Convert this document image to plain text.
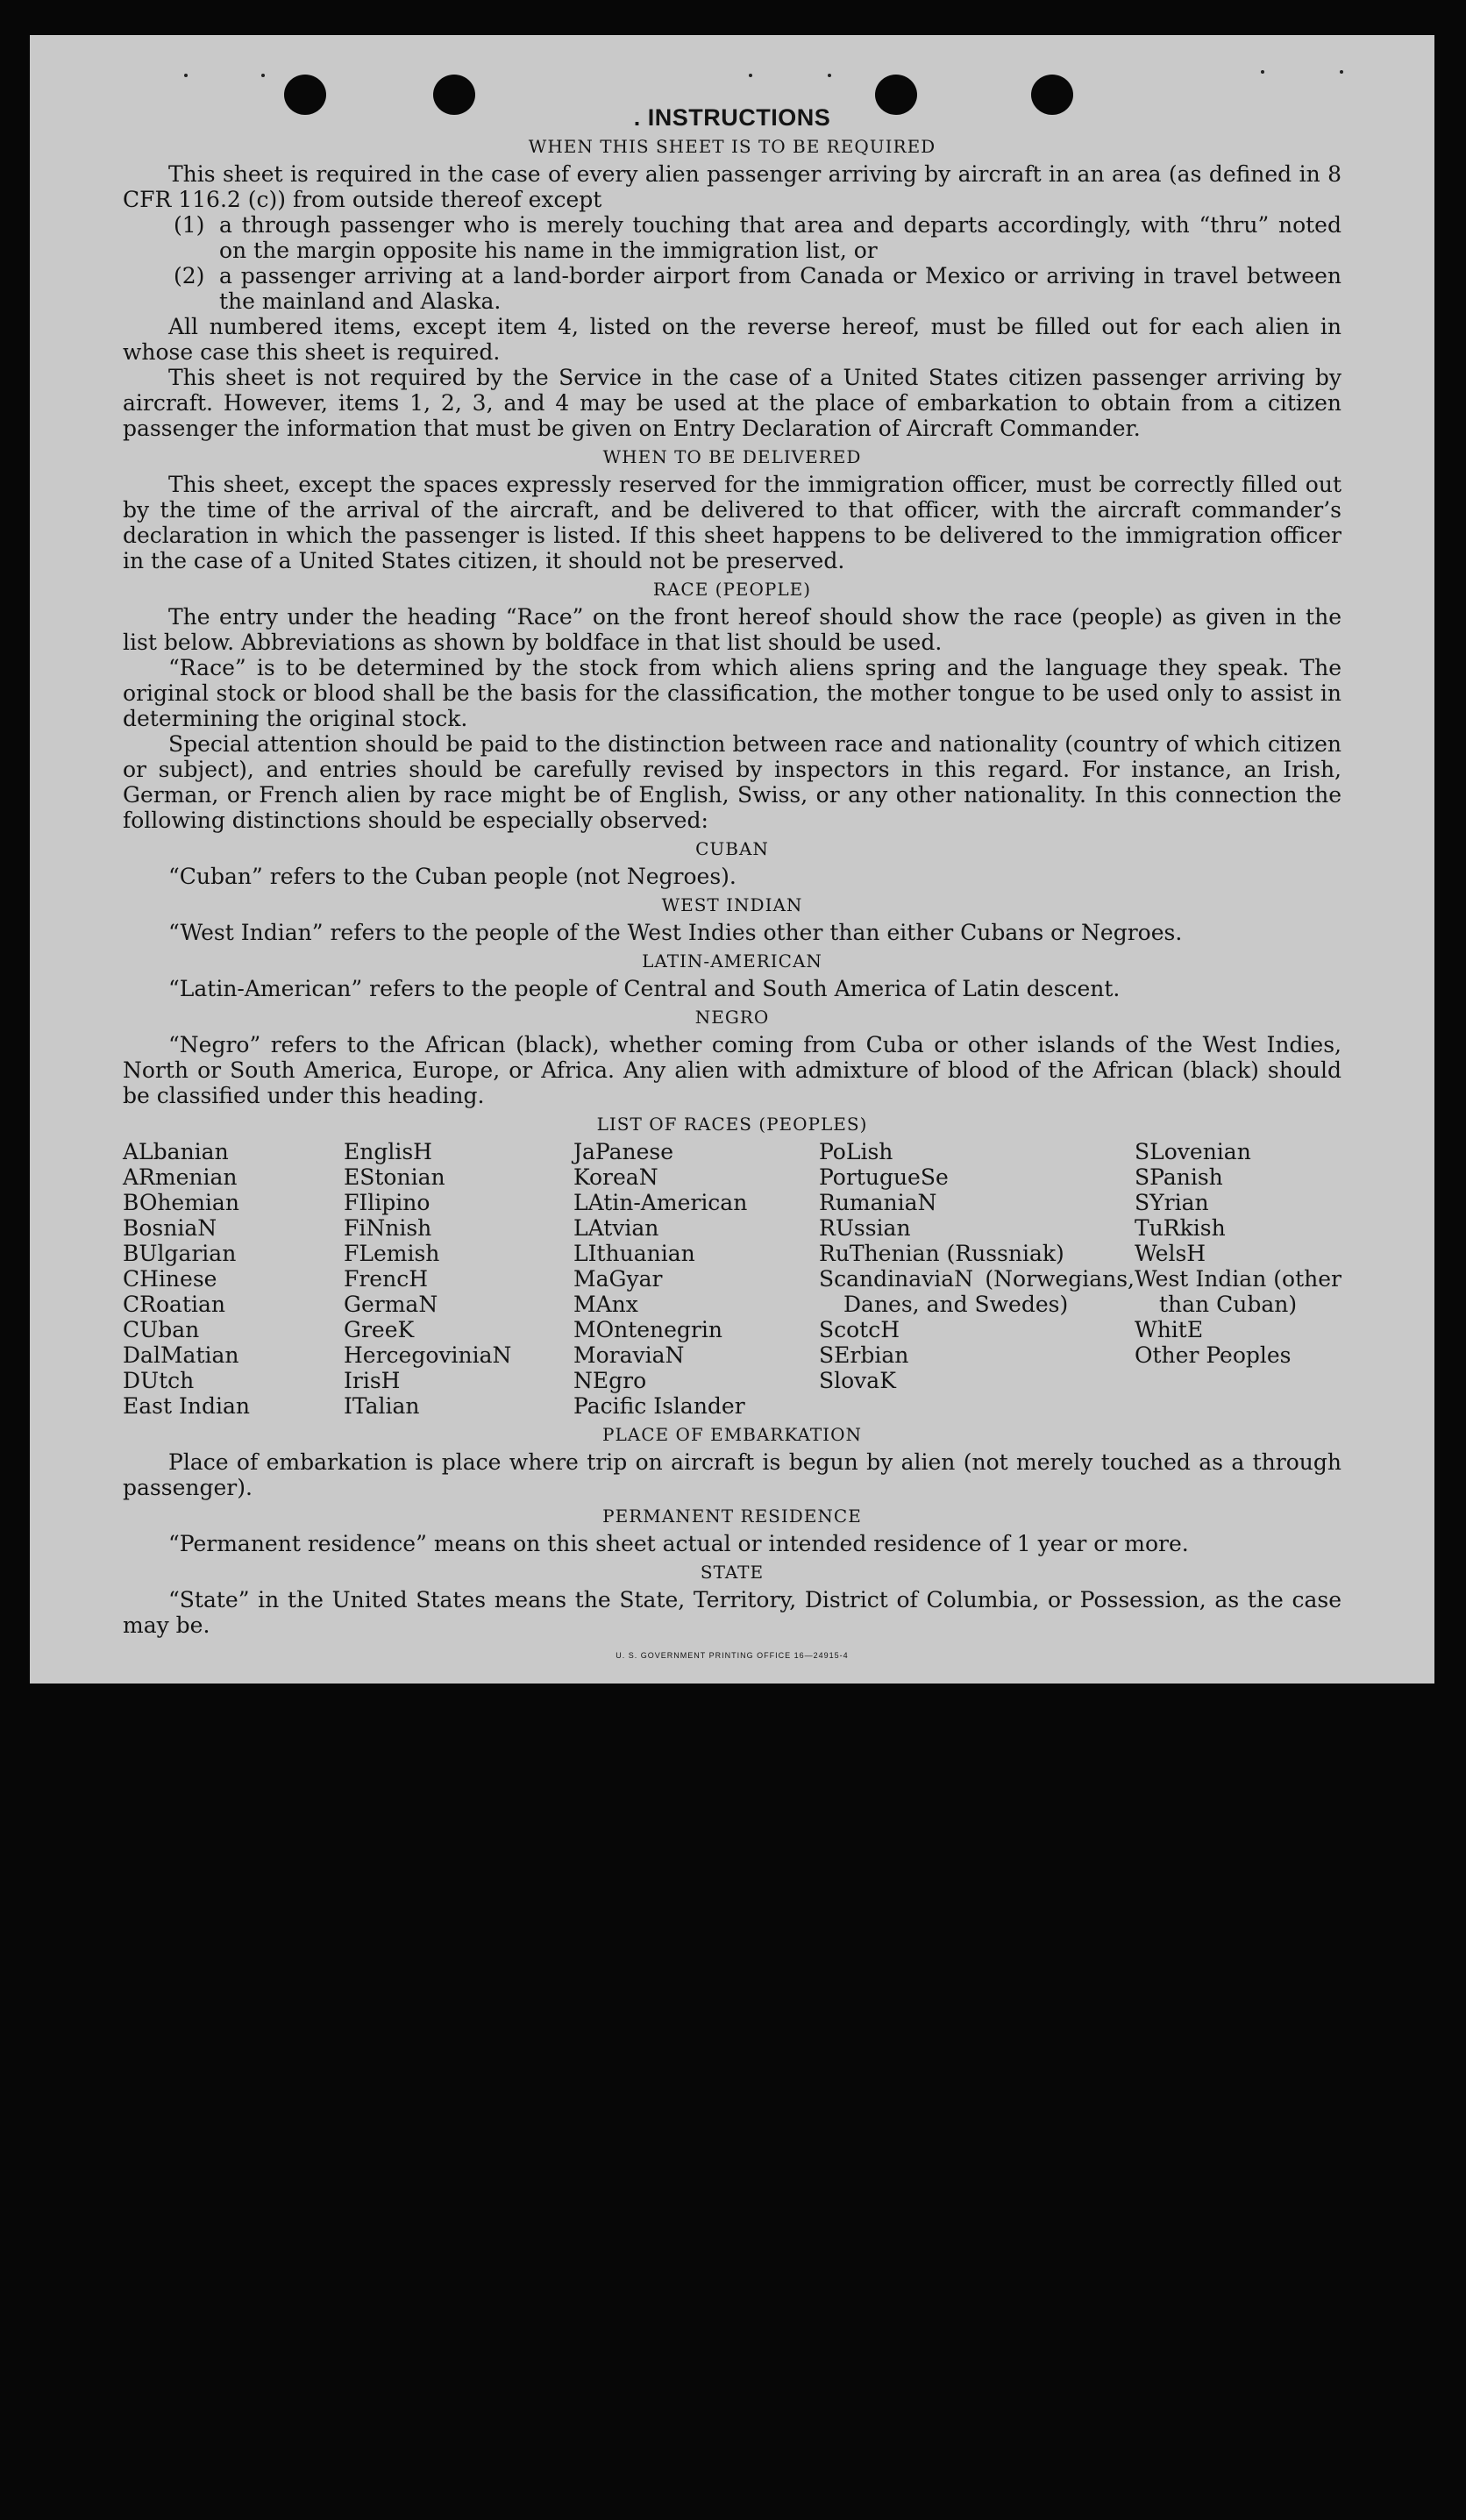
. INSTRUCTIONS
WHEN THIS SHEET IS TO BE REQUIRED

This sheet is required in the case of every alien passenger arriving by aircraft in an area (as defined in 8 CFR 116.2 (c)) from outside thereof except

(1) a through passenger who is merely touching that area and departs accordingly, with “thru” noted on the margin opposite his name in the immigration list, or
(2) a passenger arriving at a land-border airport from Canada or Mexico or arriving in travel between the mainland and Alaska.

All numbered items, except item 4, listed on the reverse hereof, must be filled out for each alien in whose case this sheet is required.

This sheet is not required by the Service in the case of a United States citizen passenger arriving by aircraft. However, items 1, 2, 3, and 4 may be used at the place of embarkation to obtain from a citizen passenger the information that must be given on Entry Declaration of Aircraft Commander.

WHEN TO BE DELIVERED

This sheet, except the spaces expressly reserved for the immigration officer, must be correctly filled out by the time of the arrival of the aircraft, and be delivered to that officer, with the aircraft commander’s declaration in which the passenger is listed. If this sheet happens to be delivered to the immigration officer in the case of a United States citizen, it should not be preserved.

RACE (PEOPLE)

The entry under the heading “Race” on the front hereof should show the race (people) as given in the list below. Abbreviations as shown by boldface in that list should be used.

“Race” is to be determined by the stock from which aliens spring and the language they speak. The original stock or blood shall be the basis for the classification, the mother tongue to be used only to assist in determining the original stock.

Special attention should be paid to the distinction between race and nationality (country of which citizen or subject), and entries should be carefully revised by inspectors in this regard. For instance, an Irish, German, or French alien by race might be of English, Swiss, or any other nationality. In this connection the following distinctions should be especially observed:

CUBAN

“Cuban” refers to the Cuban people (not Negroes).

WEST INDIAN

“West Indian” refers to the people of the West Indies other than either Cubans or Negroes.

LATIN-AMERICAN

“Latin-American” refers to the people of Central and South America of Latin descent.

NEGRO

“Negro” refers to the African (black), whether coming from Cuba or other islands of the West Indies, North or South America, Europe, or Africa. Any alien with admixture of blood of the African (black) should be classified under this heading.

LIST OF RACES (PEOPLES)
ALbanian
ARmenian
BOhemian
BosniaN
BUlgarian
CHinese
CRoatian
CUban
DalMatian
DUtch
East Indian
EnglisH
EStonian
FIlipino
FiNnish
FLemish
FrencH
GermaN
GreeK
HercegoviniaN
IrisH
ITalian
JaPanese
KoreaN
LAtin-American
LAtvian
LIthuanian
MaGyar
MAnx
MOntenegrin
MoraviaN
NEgro
Pacific Islander
PoLish
PortugueSe
RumaniaN
RUssian
RuThenian (Russniak)
ScandinaviaN (Norwegians, Danes, and Swedes)
ScotcH
SErbian
SlovaK
SLovenian
SPanish
SYrian
TuRkish
WelsH
West Indian (other than Cuban)
WhitE
Other Peoples
PLACE OF EMBARKATION

Place of embarkation is place where trip on aircraft is begun by alien (not merely touched as a through passenger).

PERMANENT RESIDENCE

“Permanent residence” means on this sheet actual or intended residence of 1 year or more.

STATE

“State” in the United States means the State, Territory, District of Columbia, or Possession, as the case may be.

U. S. GOVERNMENT PRINTING OFFICE 16—24915-4
